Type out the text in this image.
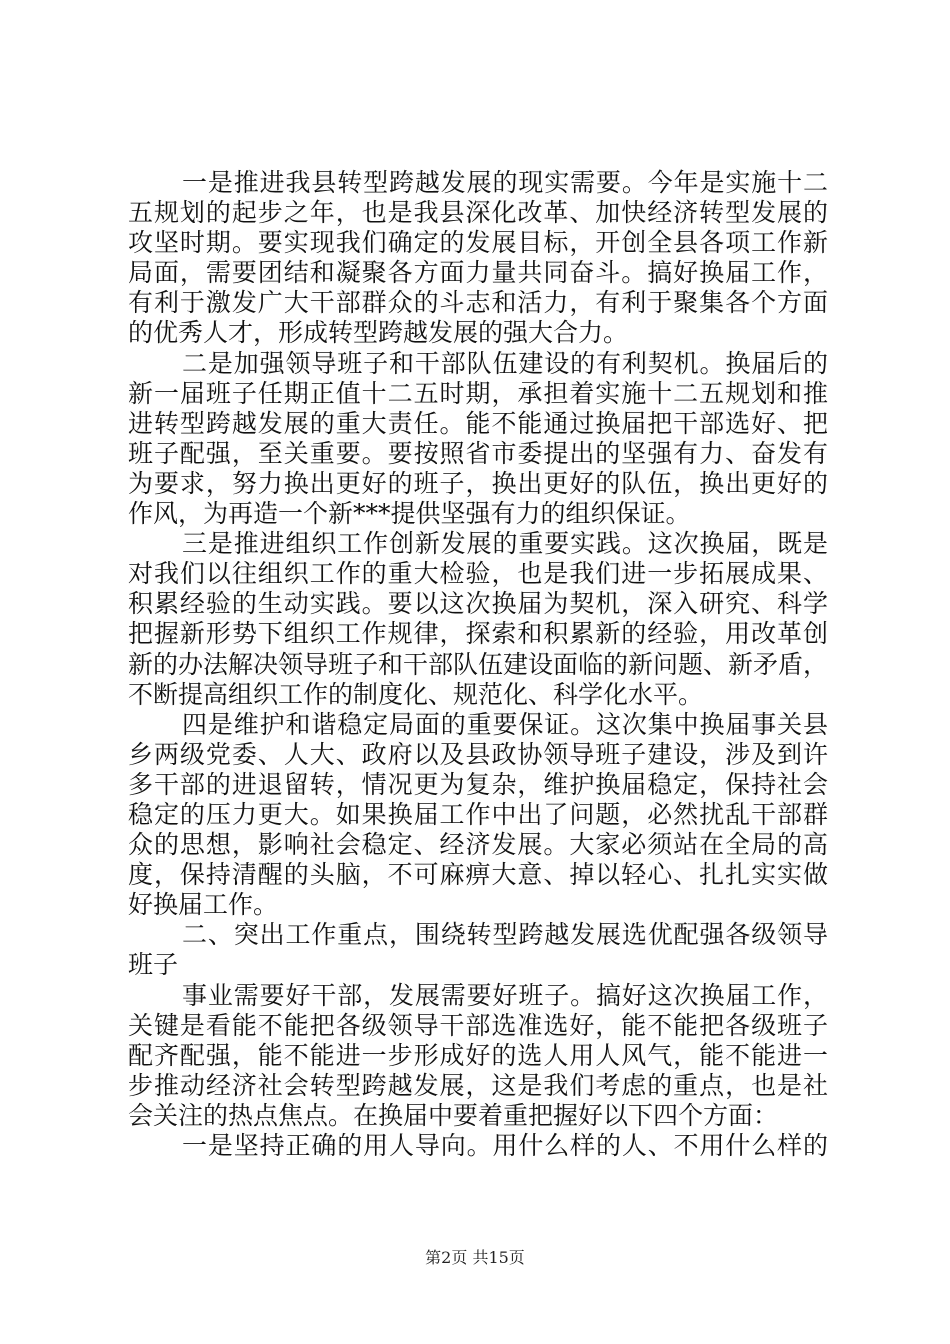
一是推进我县转型跨越发展的现实需要。今年是实施十二
五规划的起步之年，也是我县深化改革、加快经济转型发展的
攻坚时期。要实现我们确定的发展目标，开创全县各项工作新
局面，需要团结和凝聚各方面力量共同奋斗。搞好换届工作，
有利于激发广大干部群众的斗志和活力，有利于聚集各个方面
的优秀人才，形成转型跨越发展的强大合力。
二是加强领导班子和干部队伍建设的有利契机。换届后的
新一届班子任期正值十二五时期，承担着实施十二五规划和推
进转型跨越发展的重大责任。能不能通过换届把干部选好、把
班子配强，至关重要。要按照省市委提出的坚强有力、奋发有
为要求，努力换出更好的班子，换出更好的队伍，换出更好的
作风，为再造一个新***提供坚强有力的组织保证。
三是推进组织工作创新发展的重要实践。这次换届，既是
对我们以往组织工作的重大检验，也是我们进一步拓展成果、
积累经验的生动实践。要以这次换届为契机，深入研究、科学
把握新形势下组织工作规律，探索和积累新的经验，用改革创
新的办法解决领导班子和干部队伍建设面临的新问题、新矛盾，
不断提高组织工作的制度化、规范化、科学化水平。
四是维护和谐稳定局面的重要保证。这次集中换届事关县
乡两级党委、人大、政府以及县政协领导班子建设，涉及到许
多干部的进退留转，情况更为复杂，维护换届稳定，保持社会
稳定的压力更大。如果换届工作中出了问题，必然扰乱干部群
众的思想，影响社会稳定、经济发展。大家必须站在全局的高
度，保持清醒的头脑，不可麻痹大意、掉以轻心、扎扎实实做
好换届工作。
二、突出工作重点，围绕转型跨越发展选优配强各级领导
班子
事业需要好干部，发展需要好班子。搞好这次换届工作，
关键是看能不能把各级领导干部选准选好，能不能把各级班子
配齐配强，能不能进一步形成好的选人用人风气，能不能进一
步推动经济社会转型跨越发展，这是我们考虑的重点，也是社
会关注的热点焦点。在换届中要着重把握好以下四个方面：
一是坚持正确的用人导向。用什么样的人、不用什么样的
第2页 共15页
